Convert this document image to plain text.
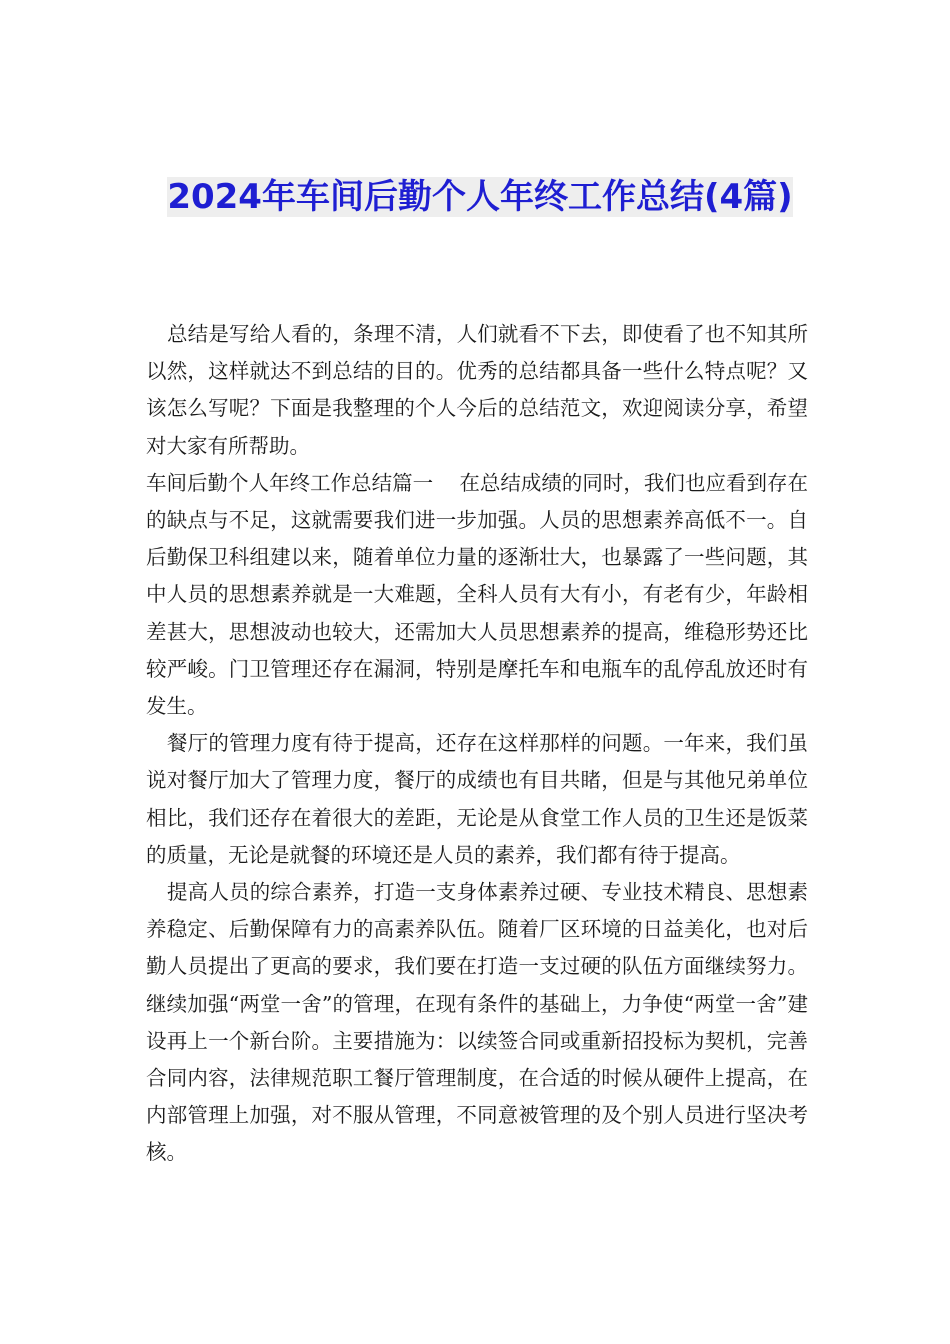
2024年车间后勤个人年终工作总结(4篇)

总结是写给人看的，条理不清，人们就看不下去，即使看了也不知其所以然，这样就达不到总结的目的。优秀的总结都具备一些什么特点呢？又该怎么写呢？下面是我整理的个人今后的总结范文，欢迎阅读分享，希望对大家有所帮助。

车间后勤个人年终工作总结篇一 在总结成绩的同时，我们也应看到存在的缺点与不足，这就需要我们进一步加强。人员的思想素养高低不一。自后勤保卫科组建以来，随着单位力量的逐渐壮大，也暴露了一些问题，其中人员的思想素养就是一大难题，全科人员有大有小，有老有少，年龄相差甚大，思想波动也较大，还需加大人员思想素养的提高，维稳形势还比较严峻。门卫管理还存在漏洞，特别是摩托车和电瓶车的乱停乱放还时有发生。

餐厅的管理力度有待于提高，还存在这样那样的问题。一年来，我们虽说对餐厅加大了管理力度，餐厅的成绩也有目共睹，但是与其他兄弟单位相比，我们还存在着很大的差距，无论是从食堂工作人员的卫生还是饭菜的质量，无论是就餐的环境还是人员的素养，我们都有待于提高。

提高人员的综合素养，打造一支身体素养过硬、专业技术精良、思想素养稳定、后勤保障有力的高素养队伍。随着厂区环境的日益美化，也对后勤人员提出了更高的要求，我们要在打造一支过硬的队伍方面继续努力。继续加强“两堂一舍”的管理，在现有条件的基础上，力争使“两堂一舍”建设再上一个新台阶。主要措施为：以续签合同或重新招投标为契机，完善合同内容，法律规范职工餐厅管理制度，在合适的时候从硬件上提高，在内部管理上加强，对不服从管理，不同意被管理的及个别人员进行坚决考核。
